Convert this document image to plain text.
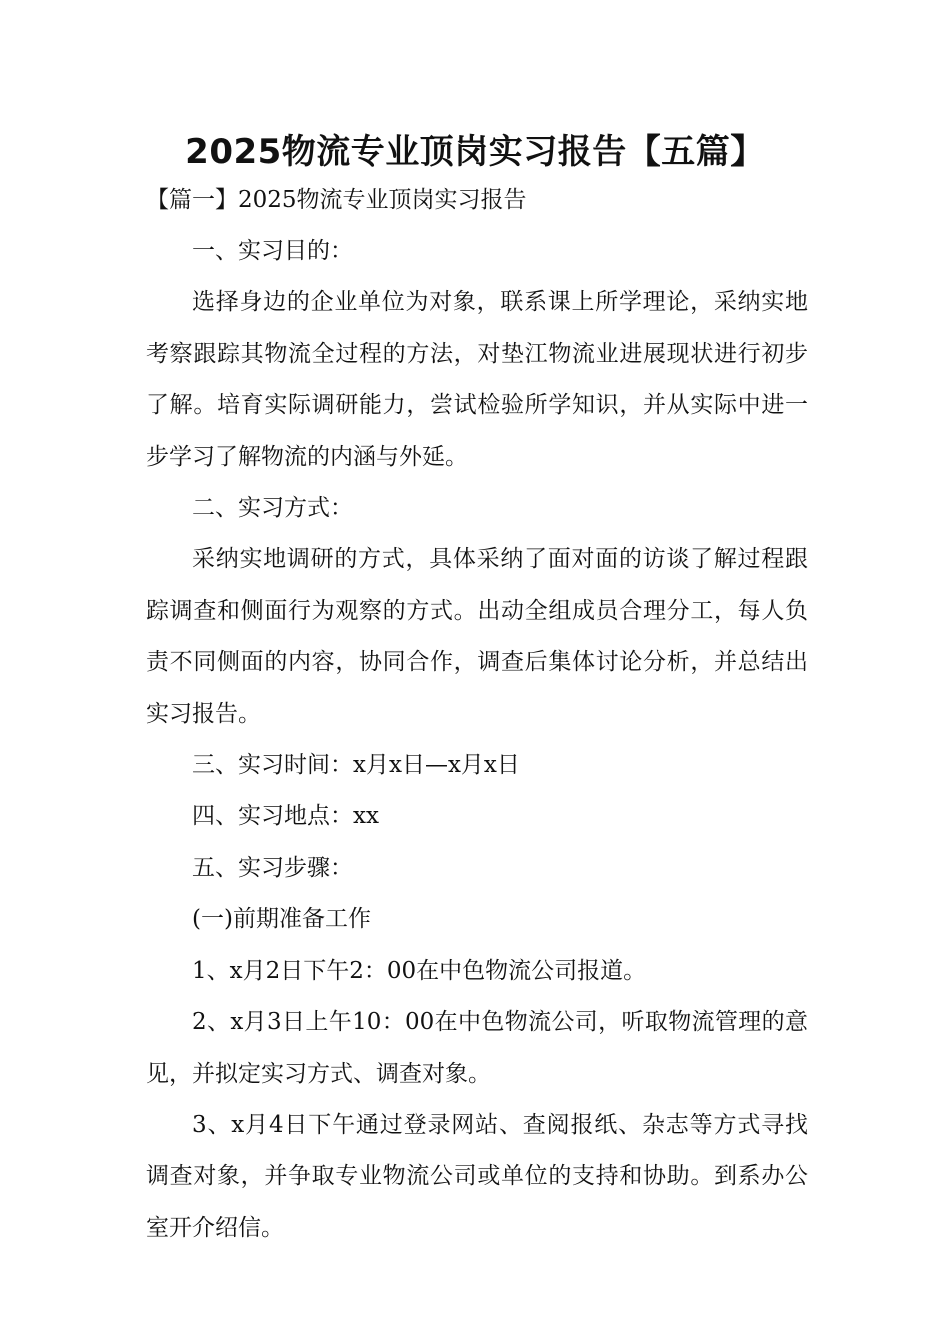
2025物流专业顶岗实习报告【五篇】
【篇一】2025物流专业顶岗实习报告

一、实习目的：

选择身边的企业单位为对象，联系课上所学理论，采纳实地考察跟踪其物流全过程的方法，对垫江物流业进展现状进行初步了解。培育实际调研能力，尝试检验所学知识，并从实际中进一步学习了解物流的内涵与外延。

二、实习方式：

采纳实地调研的方式，具体采纳了面对面的访谈了解过程跟踪调查和侧面行为观察的方式。出动全组成员合理分工，每人负责不同侧面的内容，协同合作，调查后集体讨论分析，并总结出实习报告。

三、实习时间：x月x日—x月x日

四、实习地点：xx

五、实习步骤：

(一)前期准备工作

1、x月2日下午2：00在中色物流公司报道。

2、x月3日上午10：00在中色物流公司，听取物流管理的意见，并拟定实习方式、调查对象。

3、x月4日下午通过登录网站、查阅报纸、杂志等方式寻找调查对象，并争取专业物流公司或单位的支持和协助。到系办公室开介绍信。
